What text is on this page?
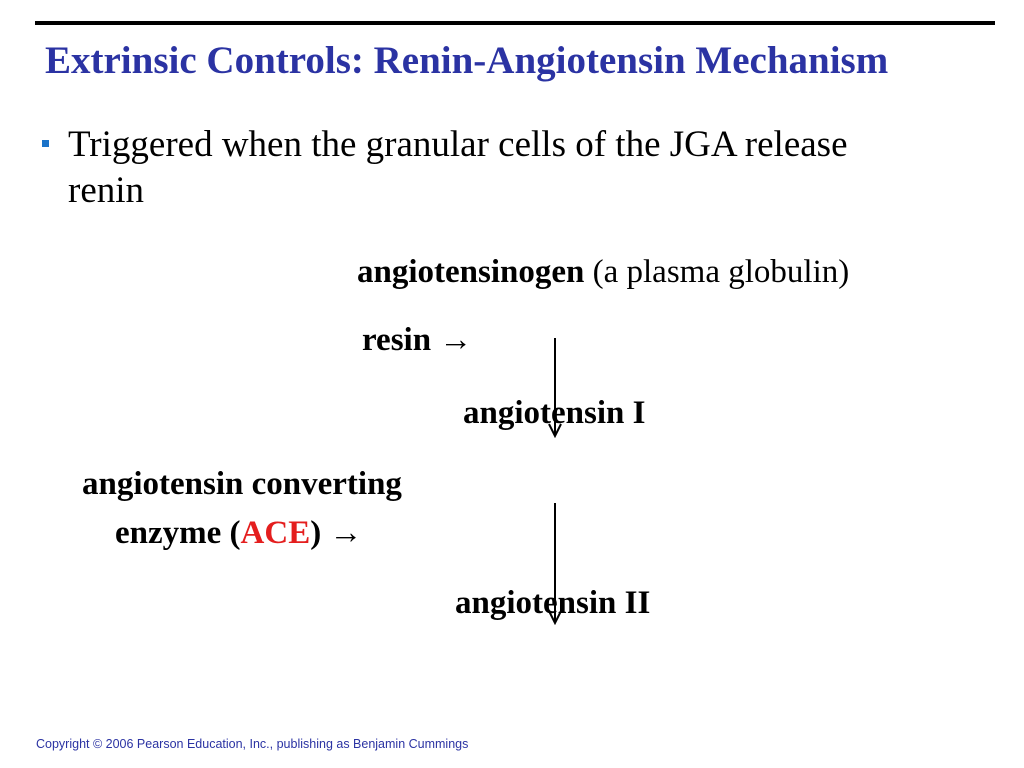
Extrinsic Controls: Renin-Angiotensin Mechanism
Triggered when the granular cells of the JGA release renin
angiotensinogen (a plasma globulin)
resin →
angiotensin I
angiotensin converting
enzyme (ACE) →
angiotensin II
Copyright © 2006 Pearson Education, Inc., publishing as Benjamin Cummings
